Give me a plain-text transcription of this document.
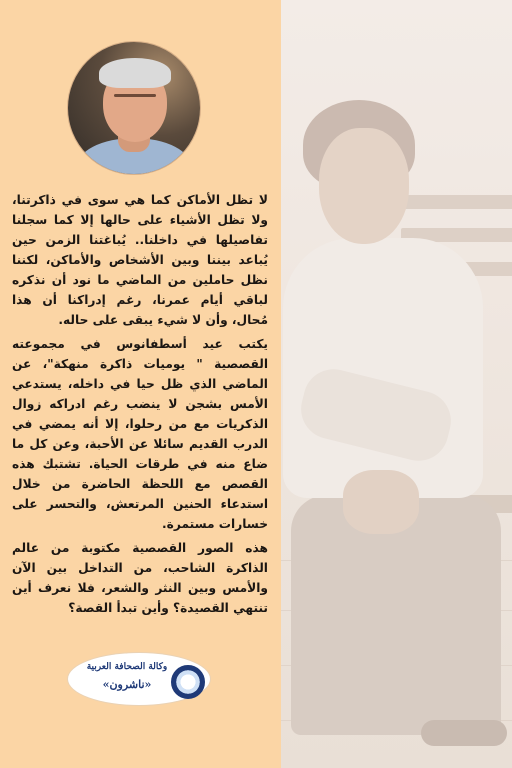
لا تظل الأماكن كما هي سوى في ذاكرتنا، ولا تظل الأشياء على حالها إلا كما سجلنا تفاصيلها في داخلنا.. يُباغتنا الزمن حين يُباعد بيننا وبين الأشخاص والأماكن، لكننا نظل حاملين من الماضي ما نود أن نذكره لباقي أيام عمرنا، رغم إدراكنا أن هذا مُحال، وأن لا شيء يبقى على حاله.

يكتب عيد أسطفانوس في مجموعته القصصية " يوميات ذاكرة منهكة"، عن الماضي الذي ظل حيا في داخله، يستدعي الأمس بشجن لا ينضب رغم ادراكه زوال الذكريات مع من رحلوا، إلا أنه يمضي في الدرب القديم سائلا عن الأحبة، وعن كل ما ضاع منه في طرقات الحياة. تشتبك هذه القصص مع اللحظة الحاضرة من خلال استدعاء الحنين المرتعش، والتحسر على خسارات مستمرة.

هذه الصور القصصية مكتوبة من عالم الذاكرة الشاحب، من التداخل بين الآن والأمس وبين النثر والشعر، فلا نعرف أين تنتهي القصيدة؟ وأين تبدأ القصة؟

وكالة الصحافة العربية
«ناشرون»
